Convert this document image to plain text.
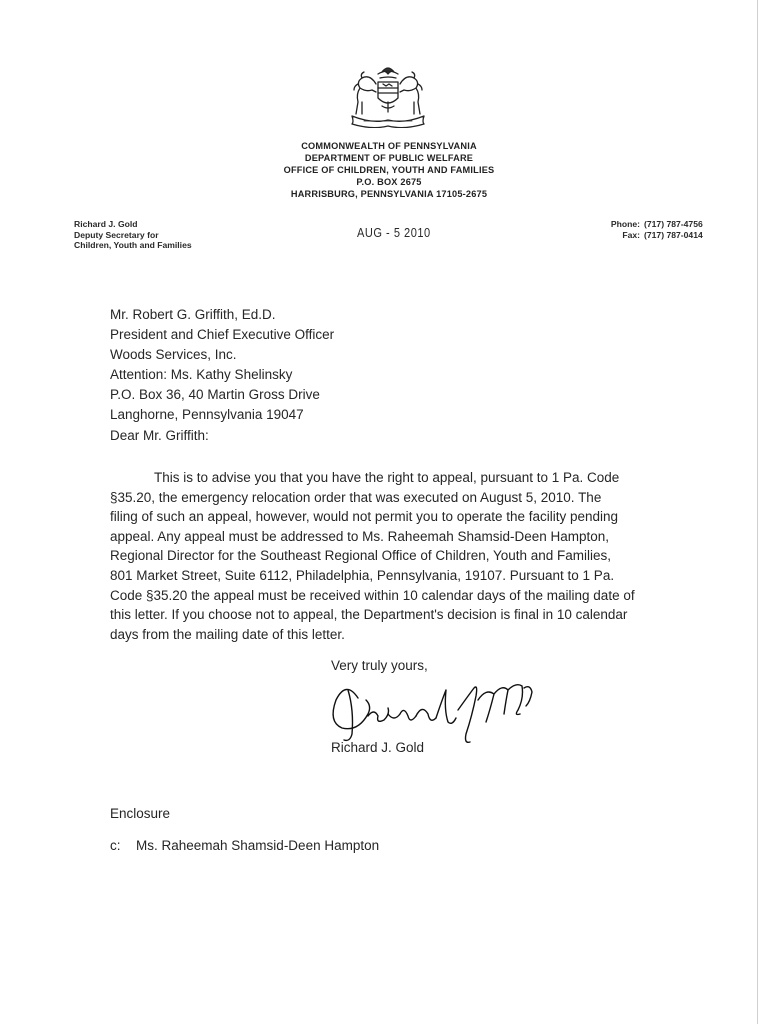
COMMONWEALTH OF PENNSYLVANIA
DEPARTMENT OF PUBLIC WELFARE
OFFICE OF CHILDREN, YOUTH AND FAMILIES
P.O. BOX 2675
HARRISBURG, PENNSYLVANIA 17105-2675
Richard J. Gold
Deputy Secretary for
Children, Youth and Families
AUG - 5 2010
Phone: (717) 787-4756
Fax: (717) 787-0414
Mr. Robert G. Griffith, Ed.D.
President and Chief Executive Officer
Woods Services, Inc.
Attention: Ms. Kathy Shelinsky
P.O. Box 36, 40 Martin Gross Drive
Langhorne, Pennsylvania 19047
Dear Mr. Griffith:
This is to advise you that you have the right to appeal, pursuant to 1 Pa. Code
§35.20, the emergency relocation order that was executed on August 5, 2010. The
filing of such an appeal, however, would not permit you to operate the facility pending
appeal. Any appeal must be addressed to Ms. Raheemah Shamsid-Deen Hampton,
Regional Director for the Southeast Regional Office of Children, Youth and Families,
801 Market Street, Suite 6112, Philadelphia, Pennsylvania, 19107. Pursuant to 1 Pa.
Code §35.20 the appeal must be received within 10 calendar days of the mailing date of
this letter. If you choose not to appeal, the Department's decision is final in 10 calendar
days from the mailing date of this letter.
Very truly yours,
Richard J. Gold
Enclosure
c: Ms. Raheemah Shamsid-Deen Hampton
